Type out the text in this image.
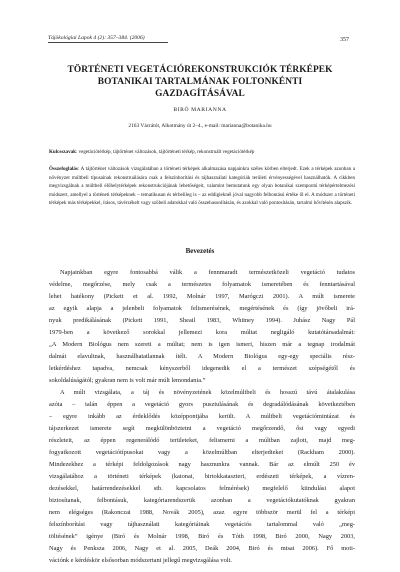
Tájökológiai Lapok 4 (2): 357–384. (2006)	357
TÖRTÉNETI VEGETÁCIÓREKONSTRUKCIÓK TÉRKÉPEK
BOTANIKAI TARTALMÁNAK FOLTONKÉNTI
GAZDAGÍTÁSÁVAL
BIRÓ MARIANNA
2163 Vácrátót, Alkotmány út 2–4., e-mail: marianna@botanika.hu

Kulcsszavak: vegetációtérkép, tájtörténet változások, tájtörténeti térkép, rekonstruált vegetációtérkép

Összefoglalás: A tájtörténet változások vizsgálatában a történeti térképek alkalmazása napjainkra széles körben elterjedt. Ezek a térképek azonban a növényzet múltbeli típusainak rekonstruálására csak a felszínborítási és tájhasználati kategóriák területi érvényességével használhatók. A cikkben megvizsgálnak a múltbeli élőhelytérképek rekonstrukciójának lehetőségeit, valamint bemutatunk egy olyan botanikai szempontú térképértelmezési módszert, amellyel a történeti térképeknek – tematikusan és térbelileg is – az eddigieknél jóval nagyobb felbontású értéke ől el. A módszer a történeti térképek más térképekkel, írásos, távérzékelt vagy szöbeli adatokkal való összehasonlításán, és azokkal való pontosításán, tartalmi bővítésén alapszik.

Bevezetés

Napjainkban egyre fontosabbá válik a fennmaradt természetközeli vegetáció tudatos

védelme, megőrzése, mely csak a természetes folyamatok ismeretében és fenntartásával

lehet hatékony (Pickett et al. 1992, Molnár 1997, Marógczi 2001). A múlt ismerete

az egyik alapja a jelenbeli folyamatok felismerésének, megértésének és (így jövőbeli irá-

nyuk predikálásának (Pickett 1991, Sheail 1983, Whitney 1994). Juhász Nagy Pál

1979-ben a következő sorokkal jellemezi kora múltat negligáló kutatótársadalmát:

„A Modern Biológus nem szereti a múltat; nem is igen ismeri, hiszen már a tegnap irodalmát

dalmát elavultnak, használhatatlannak ítéli. A Modern Biológus egy-egy speciális rész-

letkérdéshez tapadva, nemcsak kényszerből idegenedik el a természet szépségétől és

sokoldalúságától; gyakran nem is volt már múlt lemondania.”

A múlt vizsgálata, a táj és növényzetének közelmúltbeli és hosszú távú átalakulása

azóta – talán éppen a vegetáció gyors pusztulásának és degradálódásának következtében

– egyre inkább az érdeklődés középpontjába került. A múltbeli vegetációmintázat és

tájszerkezet ismerete segít megkülönböztetni a vegetáció megőrzendő, ősi vagy egyedi

részleteit, az éppen regenerálódó területeket, felismerni a múltban zajlott, majd meg-

fogyatkozott vegetációtípusokat vagy a közelmúltban elterjedteket (Rackham 2000).

Mindezekhez a térképi feldolgozások nagy hasznunkra vannak. Bár az elmúlt 250 év

vizsgálatához a történeti térképek (katonai, birtokkataszteri, erdészeti térképek, a vízren-

dezésekkel, határrendezésekkel stb. kapcsolatos felmérések) megfelelő kiindulási alapot

biztosítanak, felbontásuk, kategóriarendszerük azonban a vegetációkutatóknak gyakran

nem elégséges (Rakonczai 1988, Novák 2005), azaz egyre többször merül fel a térképi

felszínborítási vagy tájhasználati kategóriáinak vegetációs tartalommal való „meg-

töltésének” igénye (Biró és Molnár 1998, Biró és Tóth 1998, Biró 2000, Nagy 2003,

Nagy és Penksza 2006, Nagy et al. 2005, Deák 2004, Biró és mtsai 2006). Fő moti-

vációnk e kérdéskör elsősorban módszertani jellegű megvizsgálása volt.
